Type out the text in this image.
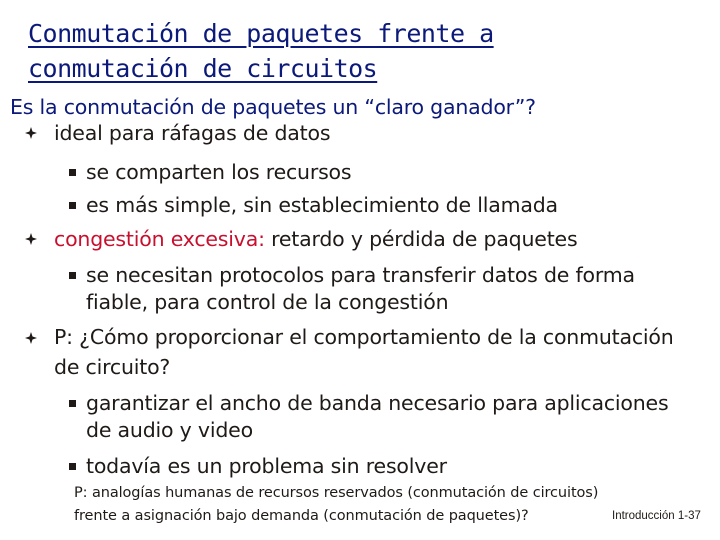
Conmutación de paquetes frente a
conmutación de circuitos
Es la conmutación de paquetes un “claro ganador”?
ideal para ráfagas de datos
se comparten los recursos
es más simple, sin establecimiento de llamada
congestión excesiva: retardo y pérdida de paquetes
se necesitan protocolos para transferir datos de forma
fiable, para control de la congestión
P: ¿Cómo proporcionar el comportamiento de la conmutación
de circuito?
garantizar el ancho de banda necesario para aplicaciones
de audio y video
todavía es un problema sin resolver
P: analogías humanas de recursos reservados (conmutación de circuitos)
frente a asignación bajo demanda (conmutación de paquetes)?	Introducción 1-37
